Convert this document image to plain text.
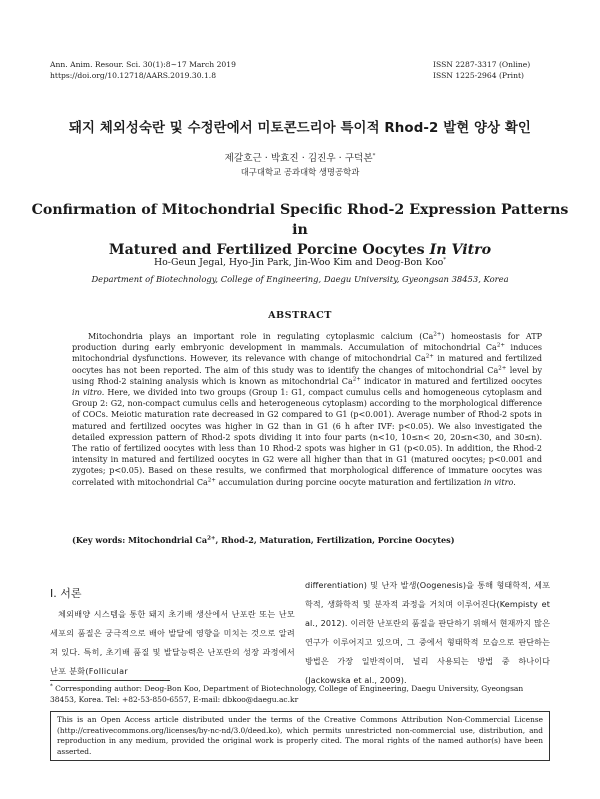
Ann. Anim. Resour. Sci. 30(1):8~17 March 2019
https://doi.org/10.12718/AARS.2019.30.1.8
ISSN 2287-3317 (Online)
ISSN 1225-2964 (Print)
돼지 체외성숙란 및 수정란에서 미토콘드리아 특이적 Rhod-2 발현 양상 확인
제갈호근 · 박효진 · 김진우 · 구덕본*
대구대학교 공과대학 생명공학과
Confirmation of Mitochondrial Specific Rhod-2 Expression Patterns in
Matured and Fertilized Porcine Oocytes In Vitro
Ho-Geun Jegal, Hyo-Jin Park, Jin-Woo Kim and Deog-Bon Koo*
Department of Biotechnology, College of Engineering, Daegu University, Gyeongsan 38453, Korea
ABSTRACT
Mitochondria plays an important role in regulating cytoplasmic calcium $(Ca^{2+})$ homeostasis for ATP production during early embryonic development in mammals. Accumulation of mitochondrial $Ca^{2+}$ induces mitochondrial dysfunctions. However, its relevance with change of mitochondrial $Ca^{2+}$ in matured and fertilized oocytes has not been reported. The aim of this study was to identify the changes of mitochondrial $Ca^{2+}$ level by using Rhod-2 staining analysis which is known as mitochondrial $Ca^{2+}$ indicator in matured and fertilized oocytes in vitro. Here, we divided into two groups (Group 1: G1, compact cumulus cells and homogeneous cytoplasm and Group 2: G2, non-compact cumulus cells and heterogeneous cytoplasm) according to the morphological difference of COCs. Meiotic maturation rate decreased in G2 compared to G1 (p<0.001). Average number of Rhod-2 spots in matured and fertilized oocytes was higher in G2 than in G1 (6 h after IVF: p<0.05). We also investigated the detailed expression pattern of Rhod-2 spots dividing it into four parts (n<10, 10≤n< 20, 20≤n<30, and 30≤n). The ratio of fertilized oocytes with less than 10 Rhod-2 spots was higher in G1 (p<0.05). In addition, the Rhod-2 intensity in matured and fertilized oocytes in G2 were all higher than that in G1 (matured oocytes; p<0.001 and zygotes; p<0.05). Based on these results, we confirmed that morphological difference of immature oocytes was correlated with mitochondrial $Ca^{2+}$ accumulation during porcine oocyte maturation and fertilization in vitro.
(Key words: Mitochondrial $Ca^{2+}$, Rhod-2, Maturation, Fertilization, Porcine Oocytes)
Ⅰ. 서론
체외배양 시스템을 통한 돼지 초기배 생산에서 난포란 또는 난모세포의 품질은 궁극적으로 배아 발달에 영향을 미치는 것으로 알려져 있다. 특히, 초기배 품질 및 발달능력은 난포란의 성장 과정에서 난포 분화(Follicular
differentiation) 및 난자 발생(Oogenesis)을 통해 형태학적, 세포학적, 생화학적 및 분자적 과정을 거치며 이루어진다(Kempisty et al., 2012). 이러한 난포란의 품질을 판단하기 위해서 현재까지 많은 연구가 이루어지고 있으며, 그 중에서 형태학적 모습으로 판단하는 방법은 가장 일반적이며, 널리 사용되는 방법 중 하나이다(Jackowska et al., 2009).
* Corresponding author: Deog-Bon Koo, Department of Biotechnology, College of Engineering, Daegu University, Gyeongsan 38453, Korea. Tel: +82-53-850-6557, E-mail: dbkoo@daegu.ac.kr
This is an Open Access article distributed under the terms of the Creative Commons Attribution Non-Commercial License (http://creativecommons.org/licenses/by-nc-nd/3.0/deed.ko), which permits unrestricted non-commercial use, distribution, and reproduction in any medium, provided the original work is properly cited. The moral rights of the named author(s) have been asserted.
